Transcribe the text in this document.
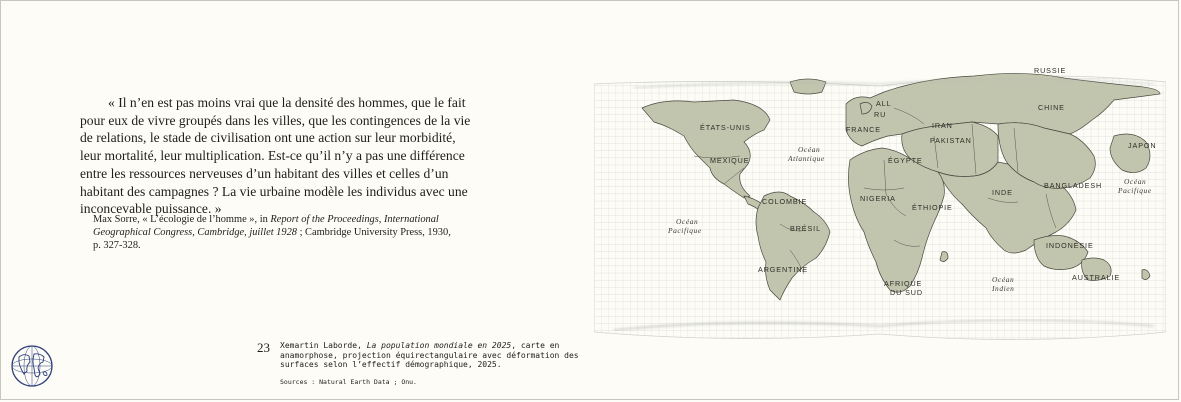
« Il n’en est pas moins vrai que la densité des hommes, que le fait pour eux de vivre groupés dans les villes, que les contingences de la vie de relations, le stade de civilisation ont une action sur leur morbidité, leur mortalité, leur multiplication. Est-ce qu’il n’y a pas une différence entre les ressources nerveuses d’un habitant des villes et celles d’un habitant des campagnes ? La vie urbaine modèle les individus avec une inconcevable puissance. »

Max Sorre, « L’écologie de l’homme », in Report of the Proceedings, International Geographical Congress, Cambridge, juillet 1928 ; Cambridge University Press, 1930, p. 327-328.

23 Xemartin Laborde, La population mondiale en 2025, carte en anamorphose, projection équirectangulaire avec déformation des surfaces selon l’effectif démographique, 2025.

Sources : Natural Earth Data ; Onu.
RUSSIE
ALL
RU
ÉTATS-UNIS
CHINE
FRANCE	IRAN
PAKISTAN
JAPON
MEXIQUE	ÉGYPTE
INDE
BANGLADESH
NIGERIA
COLOMBIE
ÉTHIOPIE
BRÉSIL
INDONÉSIE
ARGENTINE
AUSTRALIE
AFRIQUE
DU SUD
Océan
Atlantique
Océan
Pacifique
Océan
Pacifique
Océan
Indien
